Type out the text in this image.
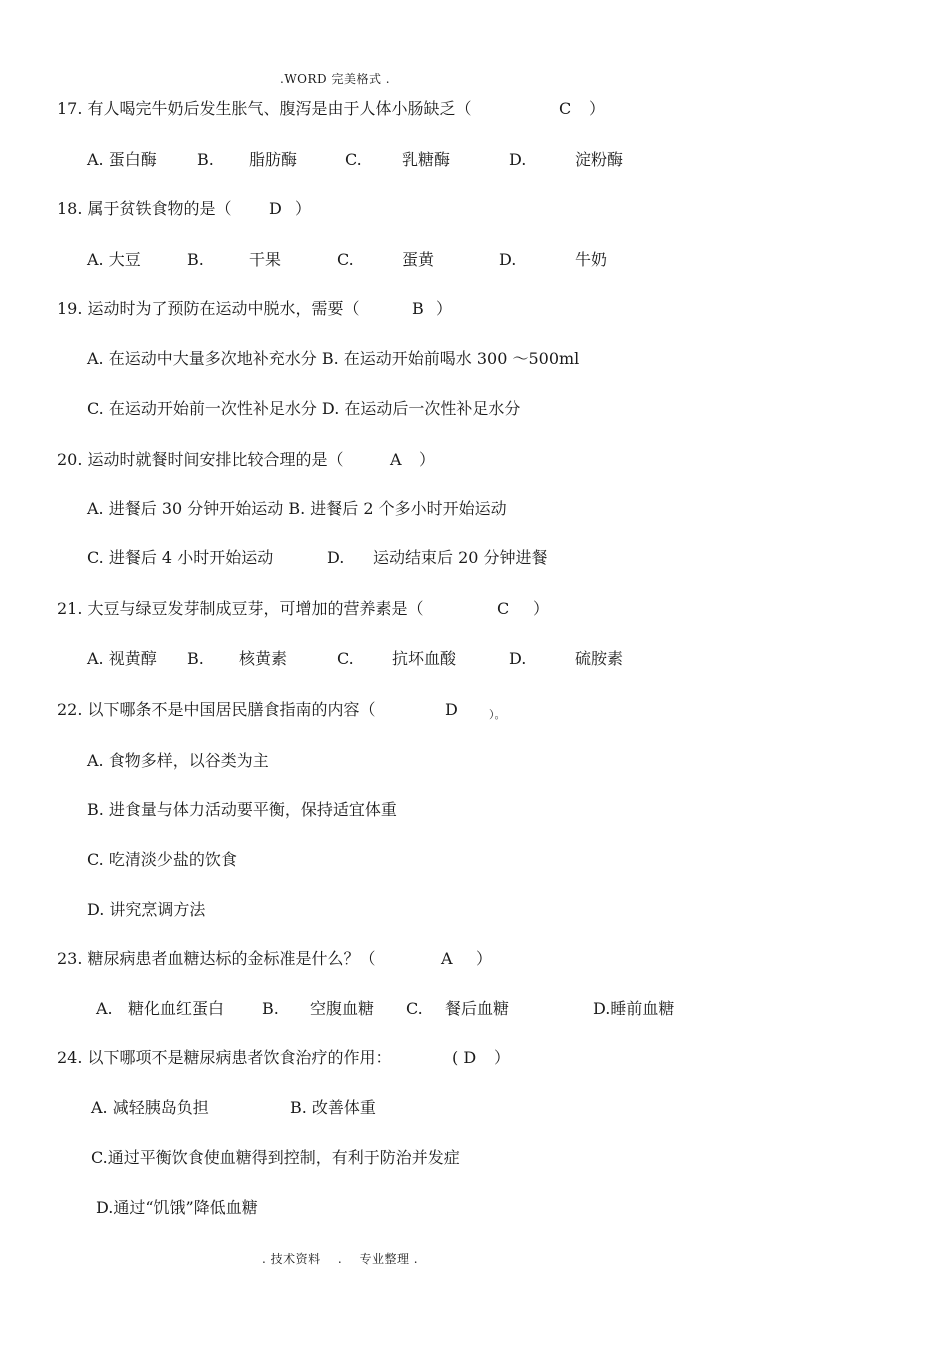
.WORD 完美格式 .
17. 有人喝完牛奶后发生胀气、腹泻是由于人体小肠缺乏（	C ）
A. 蛋白酶	B. 脂肪酶	C.	乳糖酶	D.	淀粉酶
18. 属于贫铁食物的是（ D ）
A. 大豆	B.	干果	C.	蛋黄	D.	牛奶
19. 运动时为了预防在运动中脱水，需要（	B ）
A. 在运动中大量多次地补充水分 B. 在运动开始前喝水 300 ～500ml
C. 在运动开始前一次性补足水分 D. 在运动后一次性补足水分
20. 运动时就餐时间安排比较合理的是（	A ）
A. 进餐后 30 分钟开始运动 B. 进餐后 2 个多小时开始运动
C. 进餐后 4 小时开始运动	D. 运动结束后 20 分钟进餐
21. 大豆与绿豆发芽制成豆芽，可增加的营养素是（	C ）
A. 视黄醇 B. 核黄素	C. 抗坏血酸	D.	硫胺素
22. 以下哪条不是中国居民膳食指南的内容（	D	）。
A. 食物多样，以谷类为主
B. 进食量与体力活动要平衡，保持适宜体重
C. 吃清淡少盐的饮食
D. 讲究烹调方法
23. 糖尿病患者血糖达标的金标准是什么？（	A ）
A. 糖化血红蛋白 B. 空腹血糖 C. 餐后血糖	D.睡前血糖
24. 以下哪项不是糖尿病患者饮食治疗的作用：	( D ）
A. 减轻胰岛负担	B. 改善体重
C.通过平衡饮食使血糖得到控制，有利于防治并发症
D.通过“饥饿”降低血糖
. 技术资料    .    专业整理 .
